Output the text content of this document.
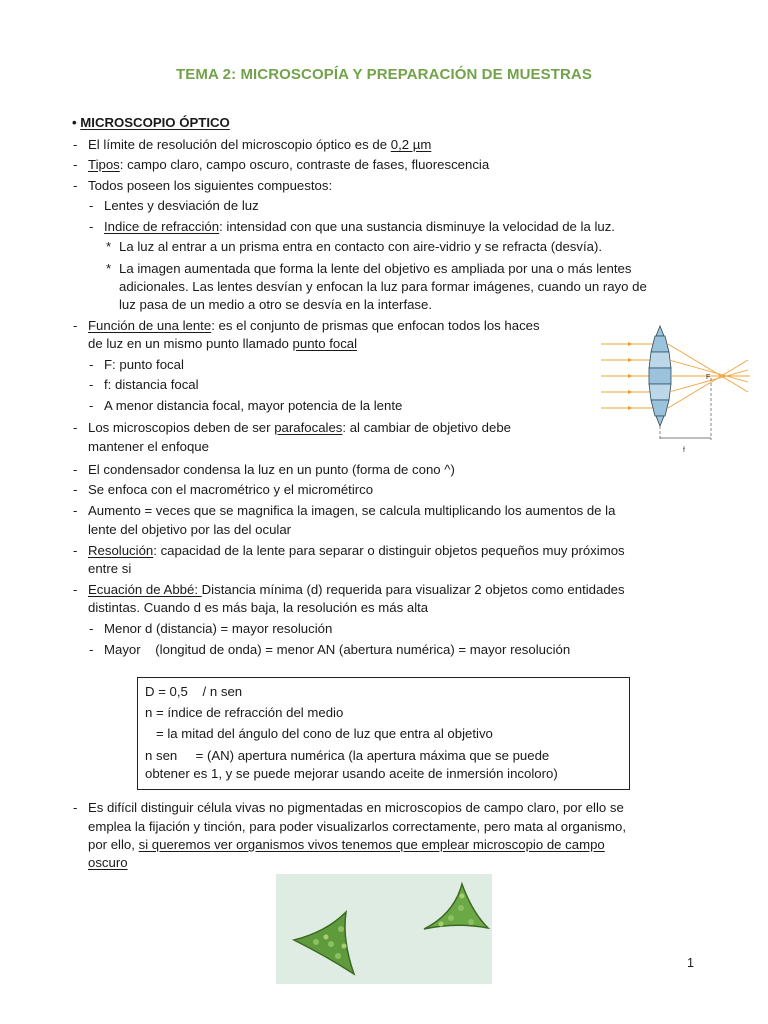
TEMA 2: MICROSCOPÍA Y PREPARACIÓN DE MUESTRAS
• MICROSCOPIO ÓPTICO
- El límite de resolución del microscopio óptico es de 0,2 µm
- Tipos: campo claro, campo oscuro, contraste de fases, fluorescencia
- Todos poseen los siguientes compuestos:
- Lentes y desviación de luz
- Indice de refracción: intensidad con que una sustancia disminuye la velocidad de la luz.
* La luz al entrar a un prisma entra en contacto con aire-vidrio y se refracta (desvía).
* La imagen aumentada que forma la lente del objetivo es ampliada por una o más lentes
adicionales. Las lentes desvían y enfocan la luz para formar imágenes, cuando un rayo de
luz pasa de un medio a otro se desvía en la interfase.
- Función de una lente: es el conjunto de prismas que enfocan todos los haces
de luz en un mismo punto llamado punto focal
- F: punto focal
- f: distancia focal
- A menor distancia focal, mayor potencia de la lente
- Los microscopios deben de ser parafocales: al cambiar de objetivo debe
mantener el enfoque
- El condensador condensa la luz en un punto (forma de cono ^)
- Se enfoca con el macrométrico y el micrométirco
- Aumento = veces que se magnifica la imagen, se calcula multiplicando los aumentos de la
lente del objetivo por las del ocular
- Resolución: capacidad de la lente para separar o distinguir objetos pequeños muy próximos
entre si
- Ecuación de Abbé: Distancia mínima (d) requerida para visualizar 2 objetos como entidades
distintas. Cuando d es más baja, la resolución es más alta
- Menor d (distancia) = mayor resolución
- Mayor    (longitud de onda) = menor AN (abertura numérica) = mayor resolución
D = 0,5    / n sen
n = índice de refracción del medio
= la mitad del ángulo del cono de luz que entra al objetivo
n sen     = (AN) apertura numérica (la apertura máxima que se puede
obtener es 1, y se puede mejorar usando aceite de inmersión incoloro)
- Es difícil distinguir célula vivas no pigmentadas en microscopios de campo claro, por ello se
emplea la fijación y tinción, para poder visualizarlos correctamente, pero mata al organismo,
por ello, si queremos ver organismos vivos tenemos que emplear microscopio de campo
oscuro
F
f
1
